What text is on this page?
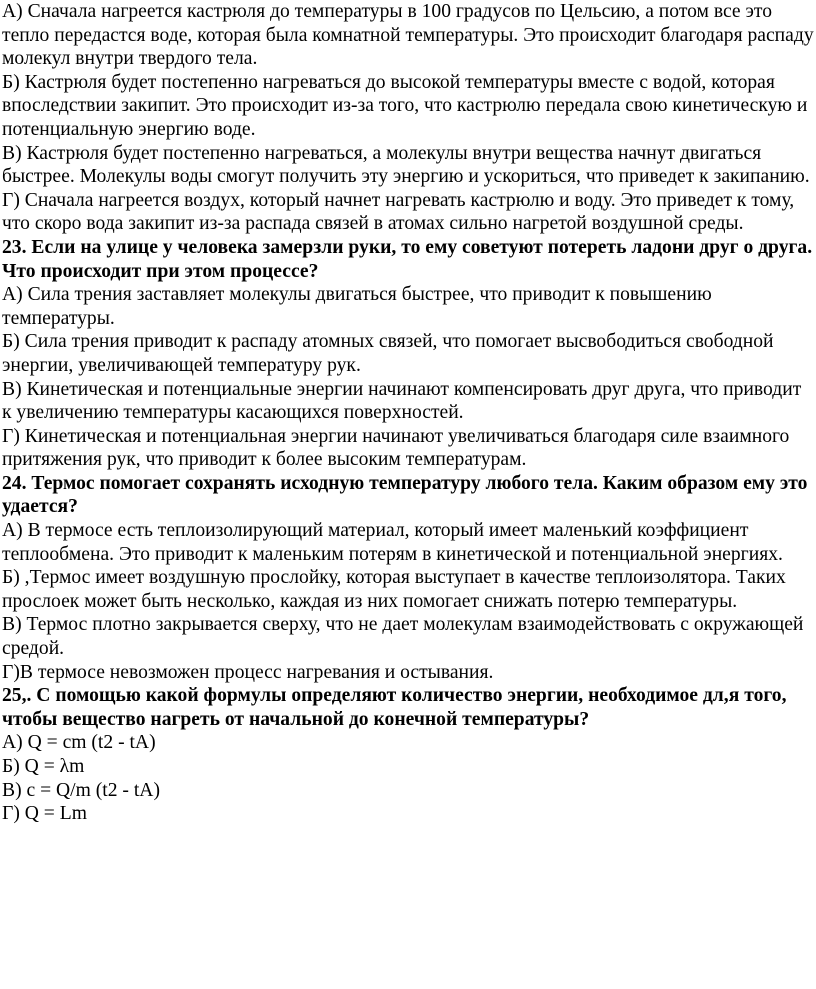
А) Сначала нагреется кастрюля до температуры в 100 градусов по Цельсию, а потом все это тепло передастся воде, которая была комнатной температуры. Это происходит благодаря распаду молекул внутри твердого тела.

Б) Кастрюля будет постепенно нагреваться до высокой температуры вместе с водой, которая впоследствии закипит. Это происходит из-за того, что кастрюлю передала свою кинетическую и потенциальную энергию воде.

В) Кастрюля будет постепенно нагреваться, а молекулы внутри вещества начнут двигаться быстрее. Молекулы воды смогут получить эту энергию и ускориться, что приведет к закипанию.

Г) Сначала нагреется воздух, который начнет нагревать кастрюлю и воду. Это приведет к тому, что скоро вода закипит из-за распада связей в атомах сильно нагретой воздушной среды.

23. Если на улице у человека замерзли руки, то ему советуют потереть ладони друг о друга. Что происходит при этом процессе?

А) Сила трения заставляет молекулы двигаться быстрее, что приводит к повышению температуры.

Б) Сила трения приводит к распаду атомных связей, что помогает высвободиться свободной энергии, увеличивающей температуру рук.

В) Кинетическая и потенциальные энергии начинают компенсировать друг друга, что приводит к увеличению температуры касающихся поверхностей.

Г) Кинетическая и потенциальная энергии начинают увеличиваться благодаря силе взаимного притяжения рук, что приводит к более высоким температурам.

24. Термос помогает сохранять исходную температуру любого тела. Каким образом ему это удается?

А) В термосе есть теплоизолирующий материал, который имеет маленький коэффициент теплообмена. Это приводит к маленьким потерям в кинетической и потенциальной энергиях.

Б) ,Термос имеет воздушную прослойку, которая выступает в качестве теплоизолятора. Таких прослоек может быть несколько, каждая из них помогает снижать потерю температуры.

В) Термос плотно закрывается сверху, что не дает молекулам взаимодействовать с окружающей средой.

Г)В термосе невозможен процесс нагревания и остывания.

25,. С помощью какой формулы определяют количество энергии, необходимое дл,я того, чтобы вещество нагреть от начальной до конечной температуры?

А) Q = cm (t2 - tA)

Б) Q = λm

В) c = Q/m (t2 - tA)

Г) Q = Lm
